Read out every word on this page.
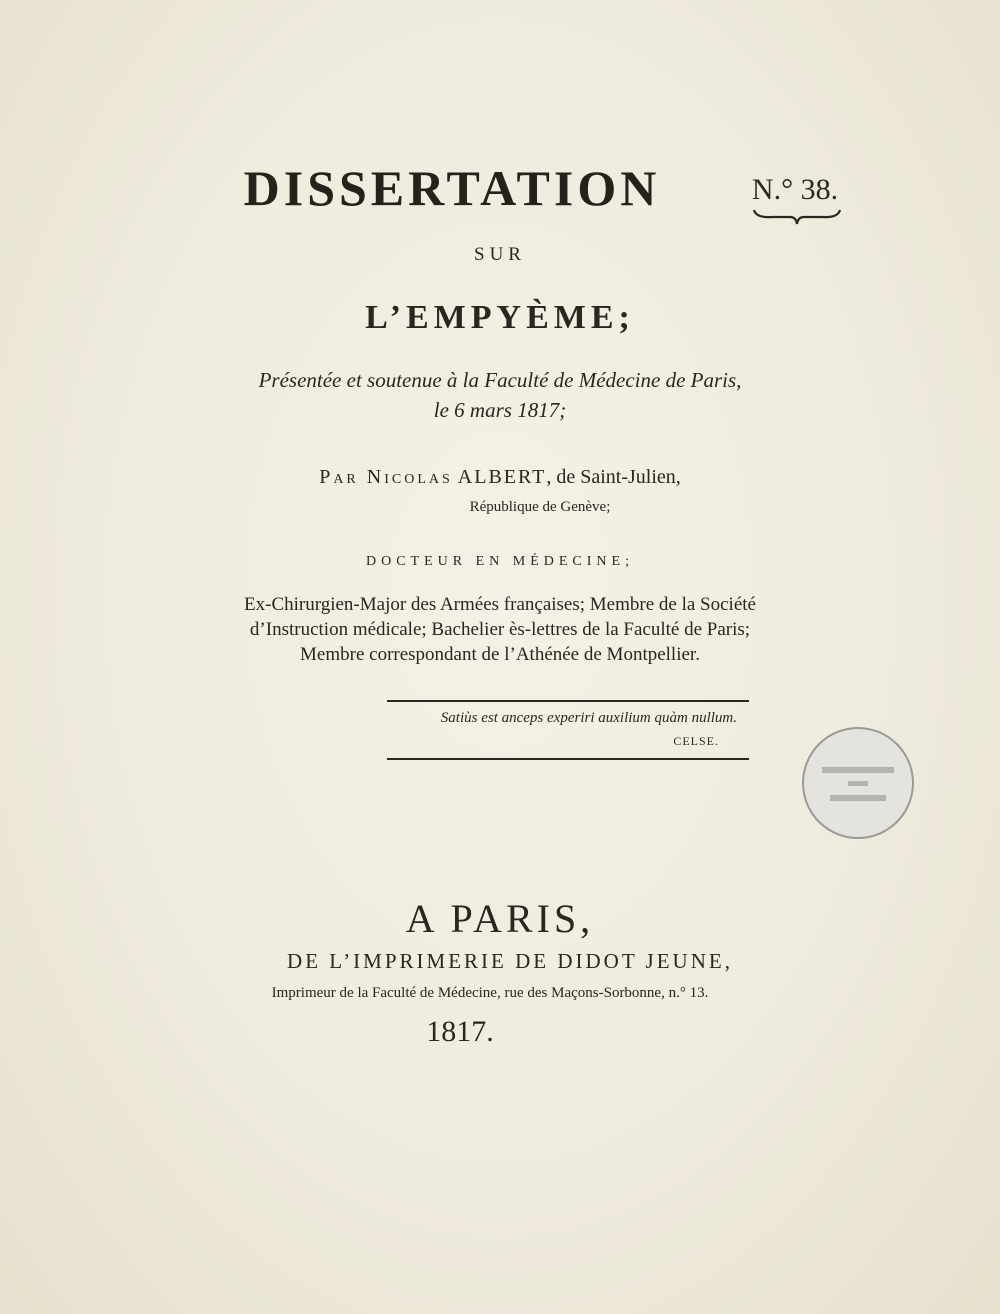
DISSERTATION	N.° 38.
SUR
L’EMPYÈME;
Présentée et soutenue à la Faculté de Médecine de Paris,
le 6 mars 1817;
Par Nicolas ALBERT, de Saint-Julien,
République de Genève;
DOCTEUR EN MÉDECINE;
Ex-Chirurgien-Major des Armées françaises; Membre de la Société
d’Instruction médicale; Bachelier ès-lettres de la Faculté de Paris;
Membre correspondant de l’Athénée de Montpellier.
Satiùs est anceps experiri auxilium quàm nullum.
CELSE.
A PARIS,
DE L’IMPRIMERIE DE DIDOT JEUNE,
Imprimeur de la Faculté de Médecine, rue des Maçons-Sorbonne, n.° 13.
1817.
